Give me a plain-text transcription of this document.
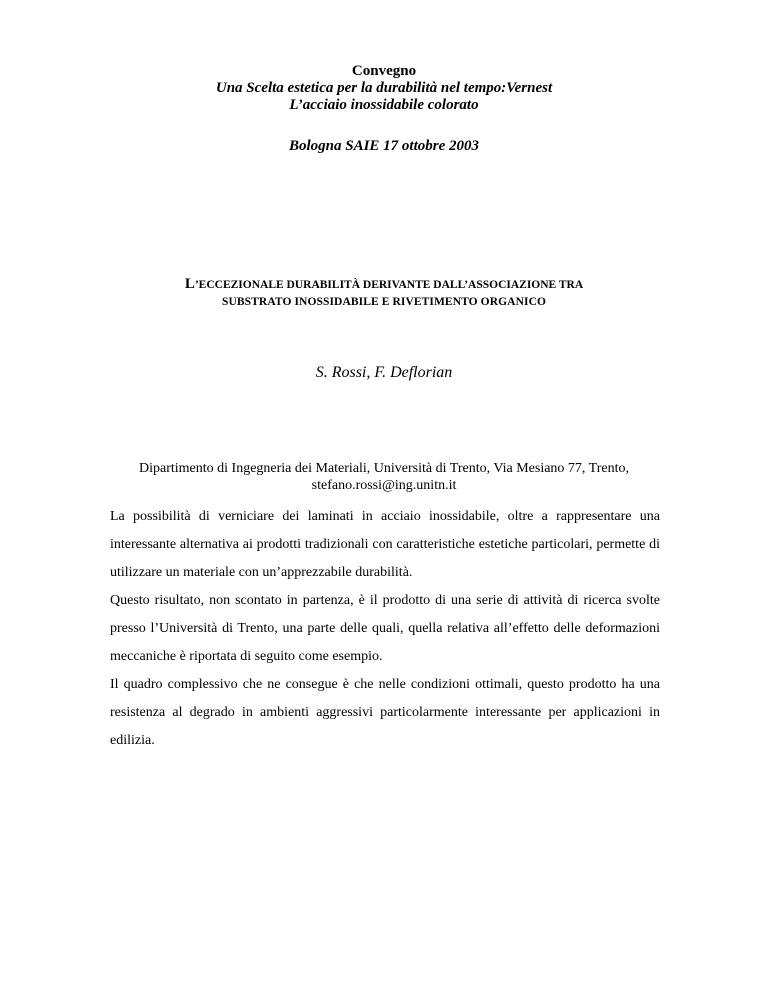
Convegno
Una Scelta estetica per la durabilità nel tempo:Vernest
L’acciaio inossidabile colorato
Bologna SAIE 17 ottobre 2003
L’ECCEZIONALE DURABILITÀ DERIVANTE DALL’ASSOCIAZIONE TRA
SUBSTRATO INOSSIDABILE E RIVETIMENTO ORGANICO
S. Rossi, F. Deflorian
Dipartimento di Ingegneria dei Materiali, Università di Trento, Via Mesiano 77, Trento,
stefano.rossi@ing.unitn.it

La possibilità di verniciare dei laminati in acciaio inossidabile, oltre a rappresentare una interessante alternativa ai prodotti tradizionali con caratteristiche estetiche particolari, permette di utilizzare un materiale con un’apprezzabile durabilità.

Questo risultato, non scontato in partenza, è il prodotto di una serie di attività di ricerca svolte presso l’Università di Trento, una parte delle quali, quella relativa all’effetto delle deformazioni meccaniche è riportata di seguito come esempio.

Il quadro complessivo che ne consegue è che nelle condizioni ottimali, questo prodotto ha una resistenza al degrado in ambienti aggressivi particolarmente interessante per applicazioni in edilizia.
